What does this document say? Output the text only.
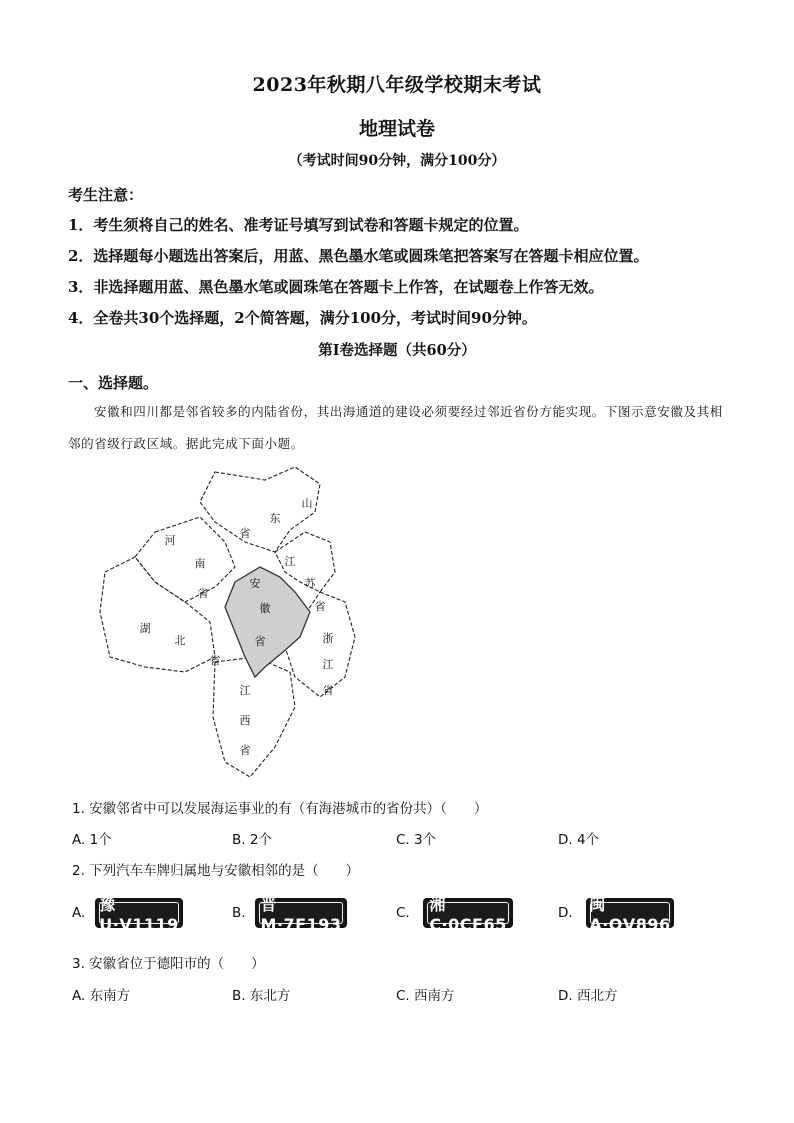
2023年秋期八年级学校期末考试
地理试卷
（考试时间90分钟，满分100分）
考生注意：
1．考生须将自己的姓名、准考证号填写到试卷和答题卡规定的位置。
2．选择题每小题选出答案后，用蓝、黑色墨水笔或圆珠笔把答案写在答题卡相应位置。
3．非选择题用蓝、黑色墨水笔或圆珠笔在答题卡上作答，在试题卷上作答无效。
4．全卷共30个选择题，2个简答题，满分100分，考试时间90分钟。
第Ⅰ卷选择题（共60分）
一、选择题。
安徽和四川都是邻省较多的内陆省份，其出海通道的建设必须要经过邻近省份方能实现。下图示意安徽及其相邻的省级行政区域。据此完成下面小题。
山
东
省
河
南
省
江
苏
安
徽
省
省
湖
北
省
浙
江
省
江
西
省
1. 安徽邻省中可以发展海运事业的有（有海港城市的省份共）（　　）
A. 1个	B. 2个	C. 3个	D. 4个
2. 下列汽车车牌归属地与安徽相邻的是（　　）
A. 豫U·V1119
B. 晋M·7F193
C. 湘C·0CF65
D. 闽A·QV896
3. 安徽省位于德阳市的（　　）
A. 东南方	B. 东北方	C. 西南方	D. 西北方
